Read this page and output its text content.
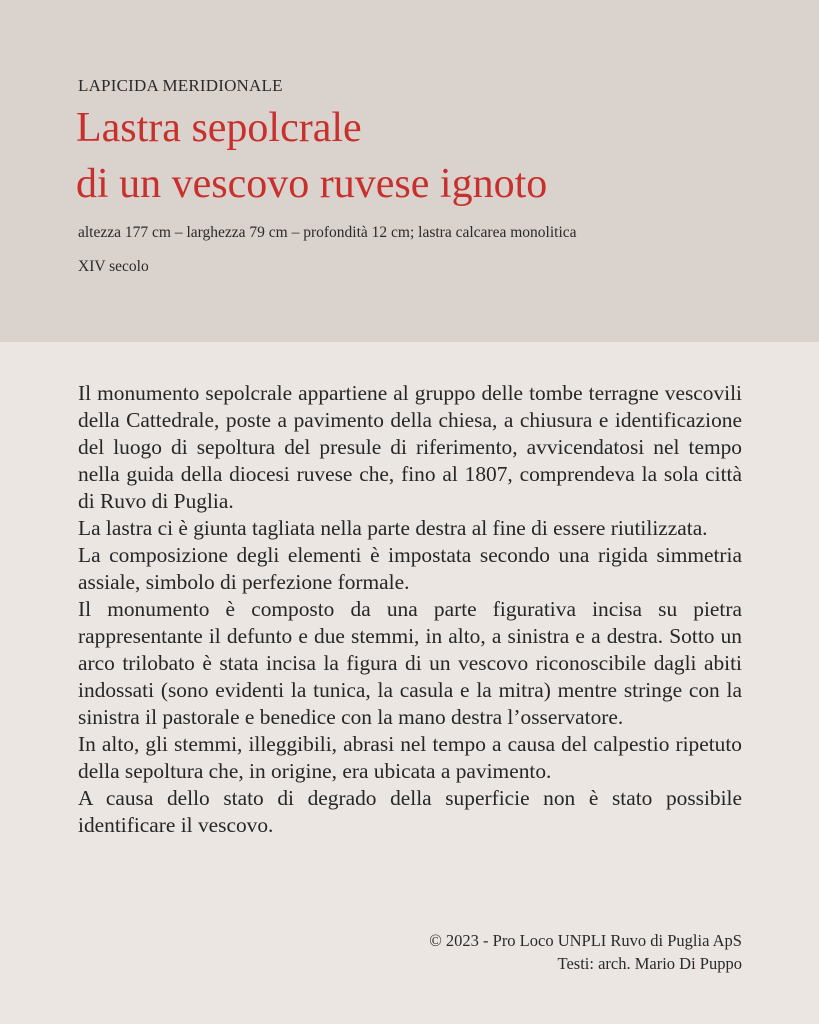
LAPICIDA MERIDIONALE
Lastra sepolcrale
di un vescovo ruvese ignoto
altezza 177 cm – larghezza 79 cm – profondità 12 cm; lastra calcarea monolitica
XIV secolo

Il monumento sepolcrale appartiene al gruppo delle tombe terragne vescovili della Cattedrale, poste a pavimento della chiesa, a chiusura e identificazione del luogo di sepoltura del presule di riferimento, avvicendatosi nel tempo nella guida della diocesi ruvese che, fino al 1807, comprendeva la sola città di Ruvo di Puglia.

La lastra ci è giunta tagliata nella parte destra al fine di essere riutilizzata.

La composizione degli elementi è impostata secondo una rigida simmetria assiale, simbolo di perfezione formale.

Il monumento è composto da una parte figurativa incisa su pietra rappresentante il defunto e due stemmi, in alto, a sinistra e a destra. Sotto un arco trilobato è stata incisa la figura di un vescovo riconoscibile dagli abiti indossati (sono evidenti la tunica, la casula e la mitra) mentre stringe con la sinistra il pastorale e benedice con la mano destra l’osservatore.

In alto, gli stemmi, illeggibili, abrasi nel tempo a causa del calpestio ripetuto della sepoltura che, in origine, era ubicata a pavimento.

A causa dello stato di degrado della superficie non è stato possibile identificare il vescovo.

© 2023 - Pro Loco UNPLI Ruvo di Puglia ApS
Testi: arch. Mario Di Puppo
